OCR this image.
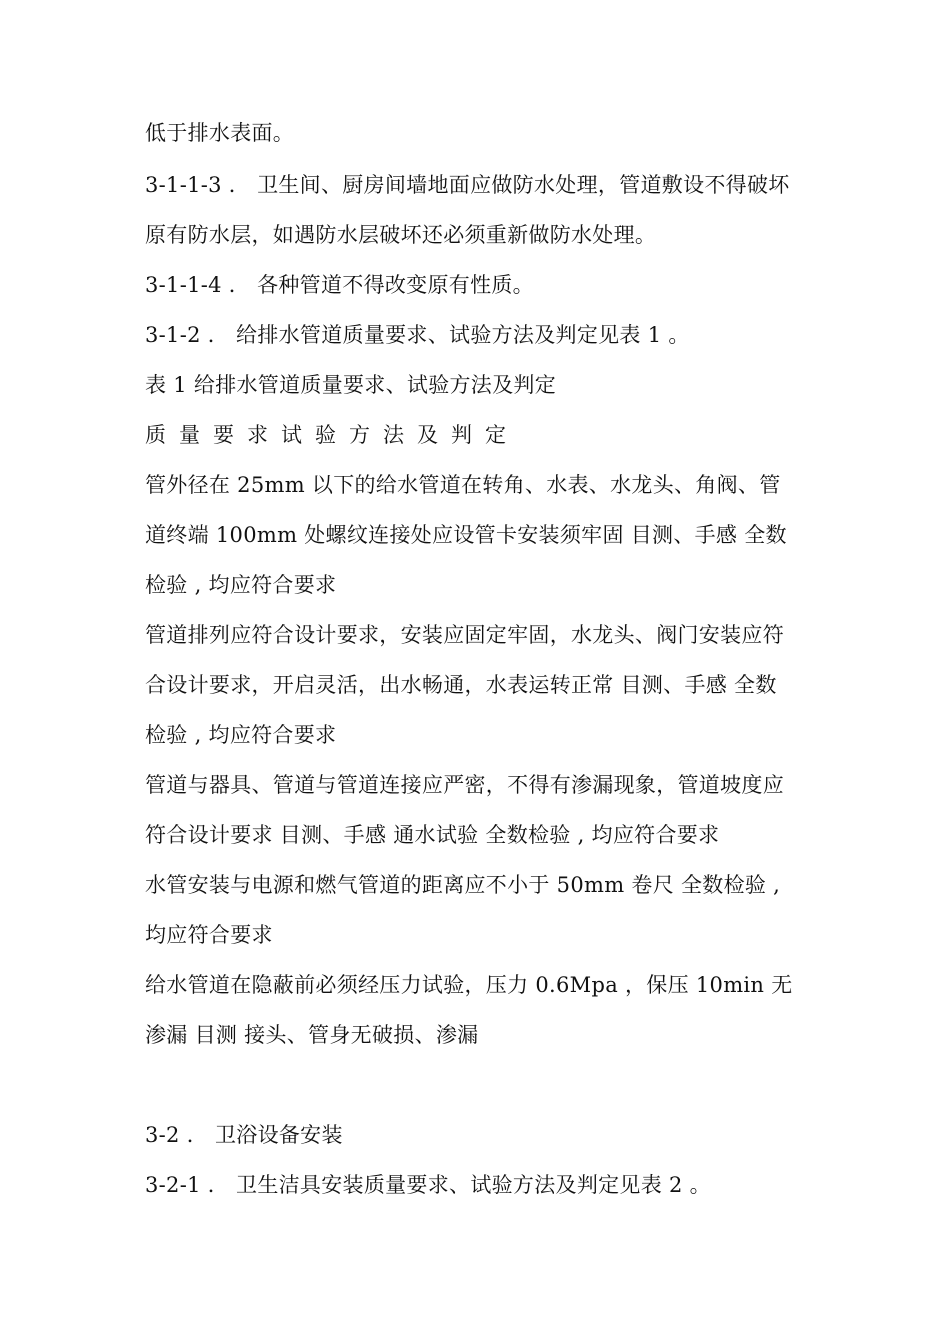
低于排水表面。
3-1-1-3 ． 卫生间、厨房间墙地面应做防水处理，管道敷设不得破坏
原有防水层，如遇防水层破坏还必须重新做防水处理。
3-1-1-4 ． 各种管道不得改变原有性质。
3-1-2 ． 给排水管道质量要求、试验方法及判定见表 1 。
表 1 给排水管道质量要求、试验方法及判定
质量要求试验方法及判定
管外径在 25mm 以下的给水管道在转角、水表、水龙头、角阀、管
道终端 100mm 处螺纹连接处应设管卡安装须牢固 目测、手感 全数
检验 , 均应符合要求
管道排列应符合设计要求，安装应固定牢固，水龙头、阀门安装应符
合设计要求，开启灵活，出水畅通，水表运转正常 目测、手感 全数
检验 , 均应符合要求
管道与器具、管道与管道连接应严密，不得有渗漏现象，管道坡度应
符合设计要求 目测、手感 通水试验 全数检验 , 均应符合要求
水管安装与电源和燃气管道的距离应不小于 50mm 卷尺 全数检验 ,
均应符合要求
给水管道在隐蔽前必须经压力试验，压力 0.6Mpa ，保压 10min 无
渗漏 目测 接头、管身无破损、渗漏
3-2 ． 卫浴设备安装
3-2-1 ． 卫生洁具安装质量要求、试验方法及判定见表 2 。
